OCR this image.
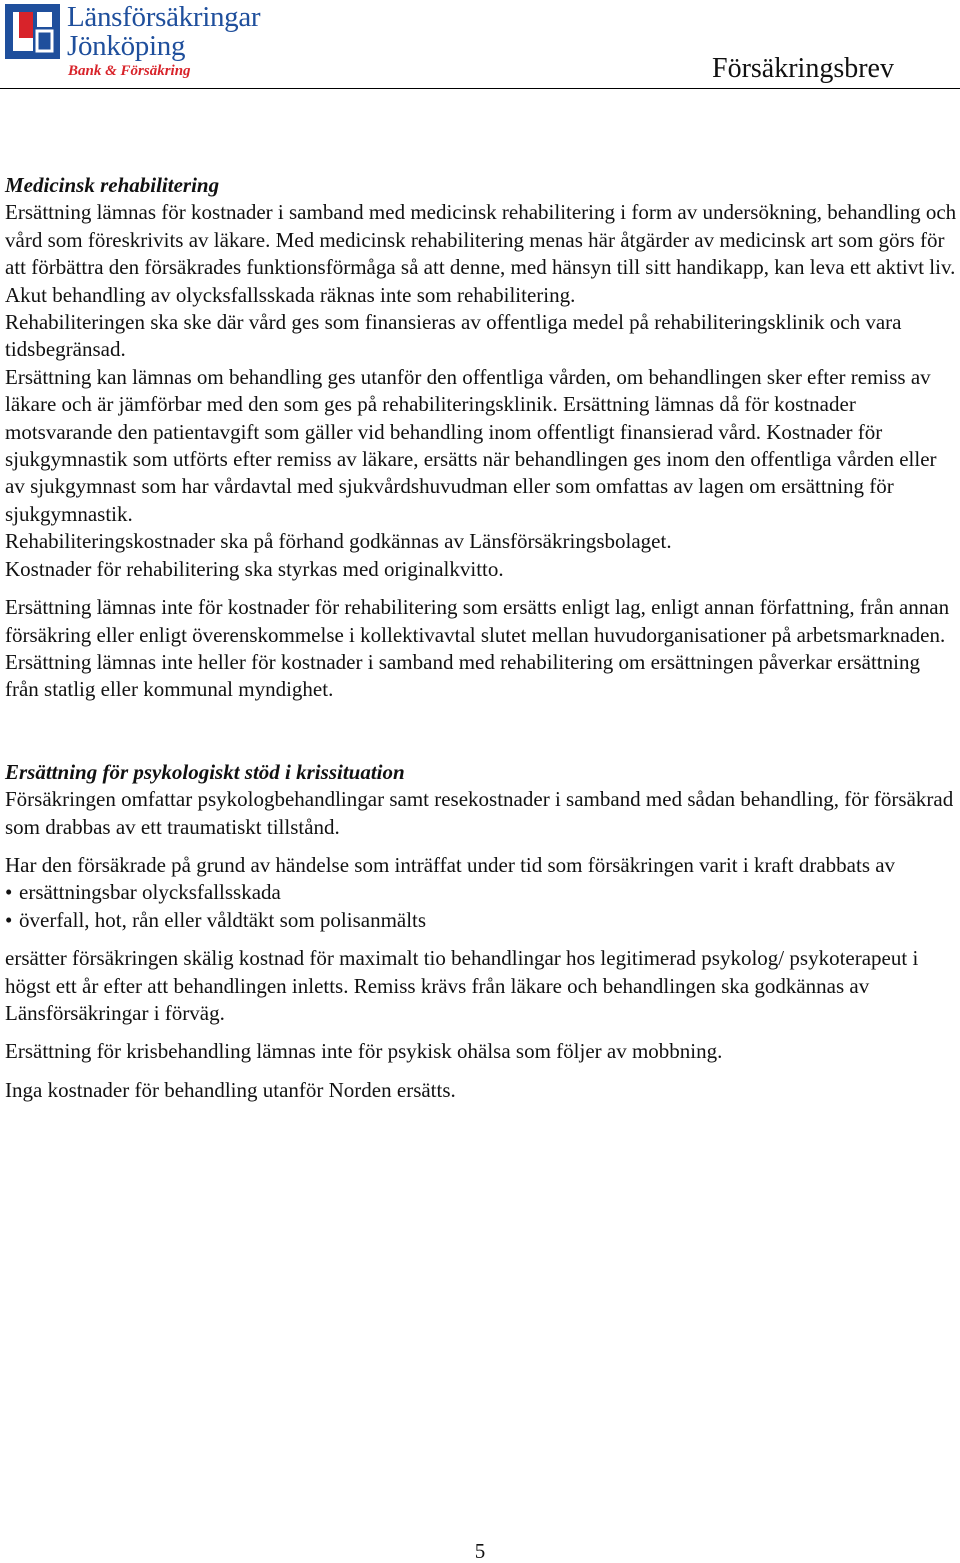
Länsförsäkringar
Jönköping
Bank & Försäkring	Försäkringsbrev

Medicinsk rehabilitering

Ersättning lämnas för kostnader i samband med medicinsk rehabilitering i form av undersökning, behandling och vård som föreskrivits av läkare. Med medicinsk rehabilitering menas här åtgärder av medicinsk art som görs för att förbättra den försäkrades funktionsförmåga så att denne, med hänsyn till sitt handikapp, kan leva ett aktivt liv. Akut behandling av olycksfallsskada räknas inte som rehabilitering.

Rehabiliteringen ska ske där vård ges som finansieras av offentliga medel på rehabiliteringsklinik och vara tidsbegränsad.

Ersättning kan lämnas om behandling ges utanför den offentliga vården, om behandlingen sker efter remiss av läkare och är jämförbar med den som ges på rehabiliteringsklinik. Ersättning lämnas då för kostnader motsvarande den patientavgift som gäller vid behandling inom offentligt finansierad vård. Kostnader för sjukgymnastik som utförts efter remiss av läkare, ersätts när behandlingen ges inom den offentliga vården eller av sjukgymnast som har vårdavtal med sjukvårdshuvudman eller som omfattas av lagen om ersättning för sjukgymnastik.

Rehabiliteringskostnader ska på förhand godkännas av Länsförsäkringsbolaget.

Kostnader för rehabilitering ska styrkas med originalkvitto.

Ersättning lämnas inte för kostnader för rehabilitering som ersätts enligt lag, enligt annan författning, från annan försäkring eller enligt överenskommelse i kollektivavtal slutet mellan huvudorganisationer på arbetsmarknaden. Ersättning lämnas inte heller för kostnader i samband med rehabilitering om ersättningen påverkar ersättning från statlig eller kommunal myndighet.

Ersättning för psykologiskt stöd i krissituation

Försäkringen omfattar psykologbehandlingar samt resekostnader i samband med sådan behandling, för försäkrad som drabbas av ett traumatiskt tillstånd.

Har den försäkrade på grund av händelse som inträffat under tid som försäkringen varit i kraft drabbats av

• ersättningsbar olycksfallsskada
• överfall, hot, rån eller våldtäkt som polisanmälts

ersätter försäkringen skälig kostnad för maximalt tio behandlingar hos legitimerad psykolog/ psykoterapeut i högst ett år efter att behandlingen inletts. Remiss krävs från läkare och behandlingen ska godkännas av Länsförsäkringar i förväg.

Ersättning för krisbehandling lämnas inte för psykisk ohälsa som följer av mobbning.

Inga kostnader för behandling utanför Norden ersätts.

5
